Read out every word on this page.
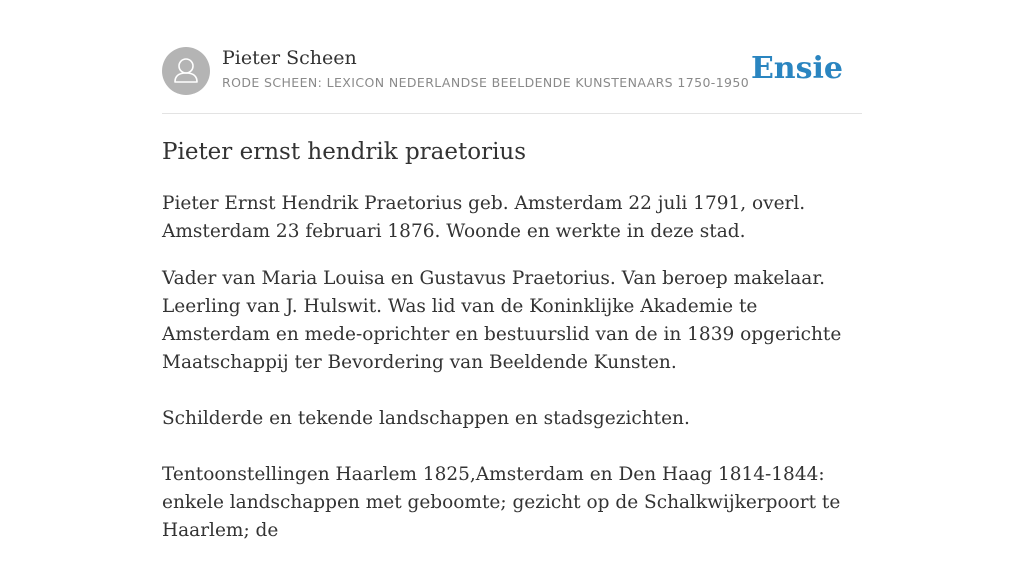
Pieter Scheen
RODE SCHEEN: LEXICON NEDERLANDSE BEELDENDE KUNSTENAARS 1750-1950 Ensie
Pieter ernst hendrik praetorius

Pieter Ernst Hendrik Praetorius geb. Amsterdam 22 juli 1791, overl. Amsterdam 23 februari 1876. Woonde en werkte in deze stad.

Vader van Maria Louisa en Gustavus Praetorius. Van beroep makelaar. Leerling van J. Hulswit. Was lid van de Koninklijke Akademie te Amsterdam en mede-oprichter en bestuurslid van de in 1839 opgerichte Maatschappij ter Bevordering van Beeldende Kunsten.

Schilderde en tekende landschappen en stadsgezichten.

Tentoonstellingen Haarlem 1825,Amsterdam en Den Haag 1814-1844: enkele landschappen met geboomte; gezicht op de Schalkwijkerpoort te Haarlem; de
